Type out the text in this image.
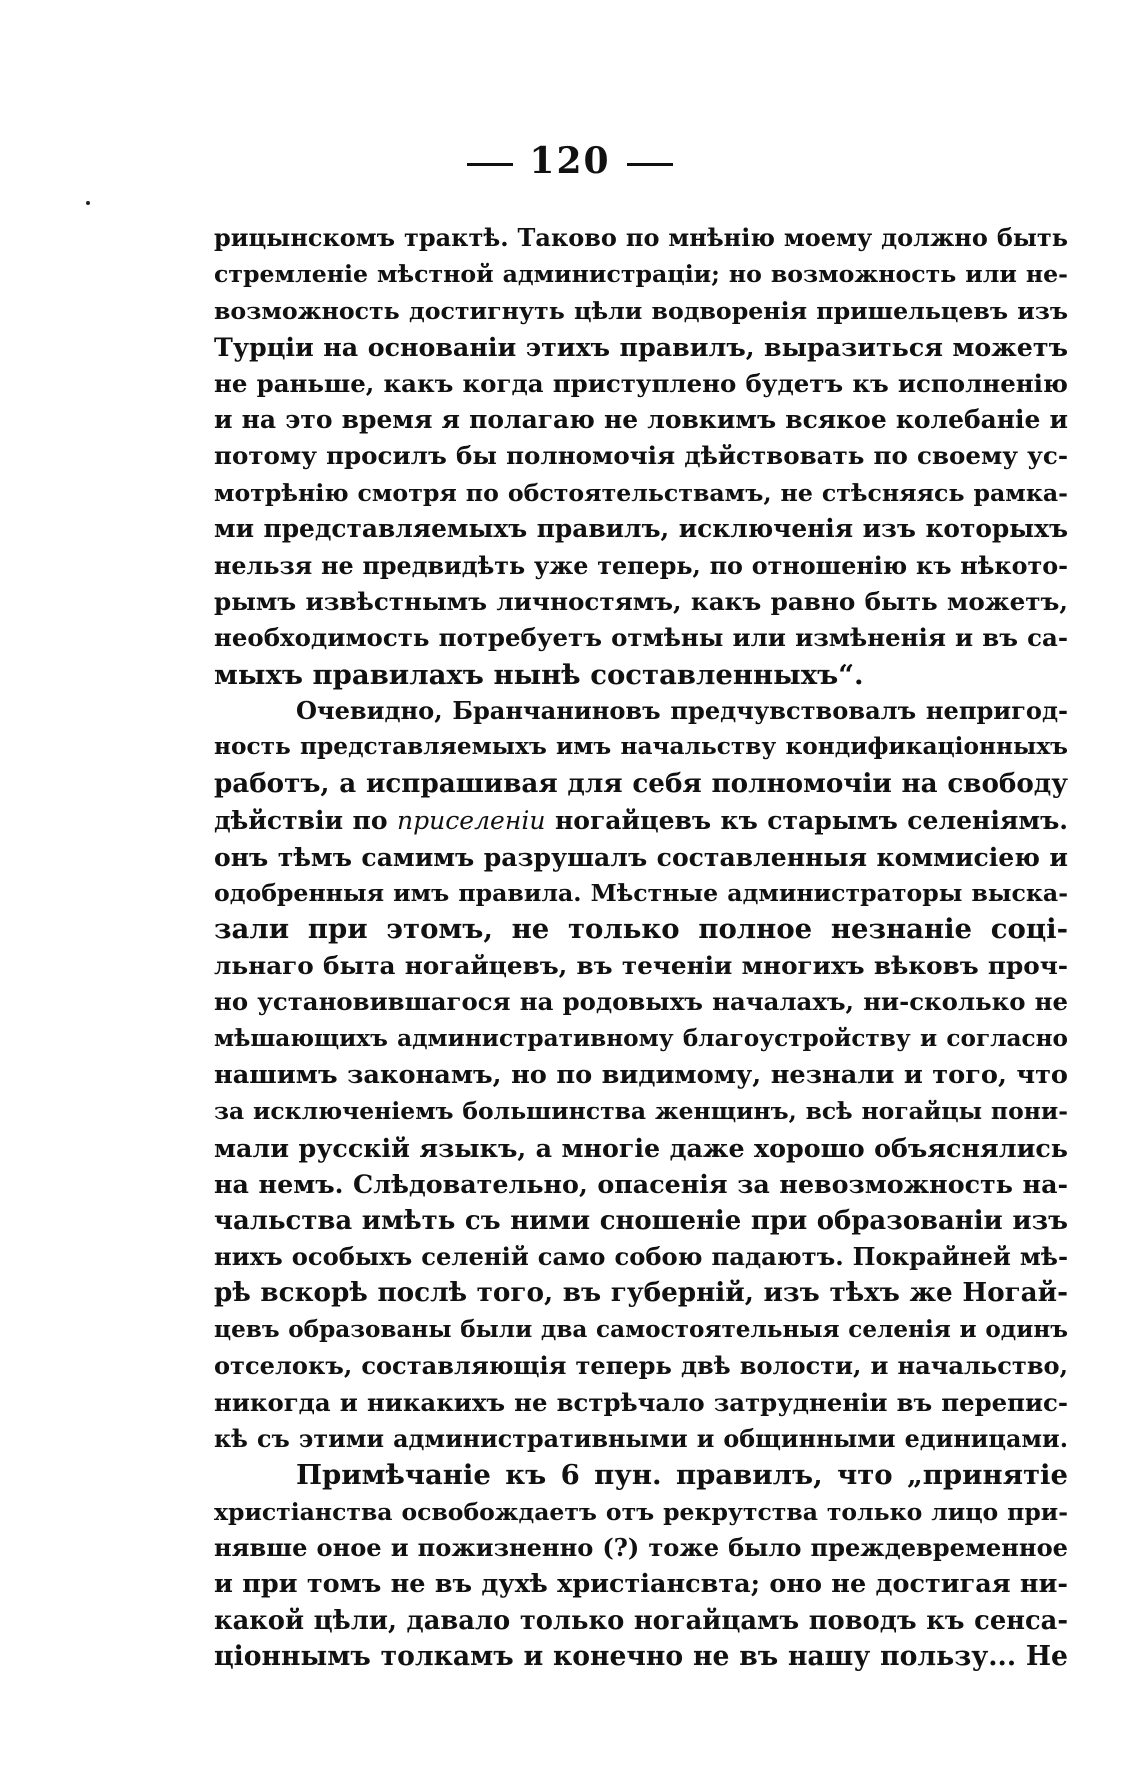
120
рицынскомъ трактѣ. Таково по мнѣнію моему должно быть
стремленіе мѣстной администраціи; но возможность или не-
возможность достигнуть цѣли водворенія пришельцевъ изъ
Турціи на основаніи этихъ правилъ, выразиться можетъ
не раньше, какъ когда приступлено будетъ къ исполненію
и на это время я полагаю не ловкимъ всякое колебаніе и
потому просилъ бы полномочія дѣйствовать по своему ус-
мотрѣнію смотря по обстоятельствамъ, не стѣсняясь рамка-
ми представляемыхъ правилъ, исключенія изъ которыхъ
нельзя не предвидѣть уже теперь, по отношенію къ нѣкото-
рымъ извѣстнымъ личностямъ, какъ равно быть можетъ,
необходимость потребуетъ отмѣны или измѣненія и въ са-
мыхъ правилахъ нынѣ составленныхъ“.
Очевидно, Бранчаниновъ предчувствовалъ непригод-
ность представляемыхъ имъ начальству кондификаціонныхъ
работъ, а испрашивая для себя полномочіи на свободу
дѣйствіи по приселеніи ногайцевъ къ старымъ селеніямъ.
онъ тѣмъ самимъ разрушалъ составленныя коммисіею и
одобренныя имъ правила. Мѣстные администраторы выска-
зали при этомъ, не только полное незнаніе соці-
льнаго быта ногайцевъ, въ теченіи многихъ вѣковъ проч-
но установившагося на родовыхъ началахъ, ни-сколько не
мѣшающихъ административному благоустройству и согласно
нашимъ законамъ, но по видимому, незнали и того, что
за исключеніемъ большинства женщинъ, всѣ ногайцы пони-
мали русскій языкъ, а многіе даже хорошо объяснялись
на немъ. Слѣдовательно, опасенія за невозможность на-
чальства имѣть съ ними сношеніе при образованіи изъ
нихъ особыхъ селеній само собою падаютъ. Покрайней мѣ-
рѣ вскорѣ послѣ того, въ губерній, изъ тѣхъ же Ногай-
цевъ образованы были два самостоятельныя селенія и одинъ
отселокъ, составляющія теперь двѣ волости, и начальство,
никогда и никакихъ не встрѣчало затрудненіи въ перепис-
кѣ съ этими административными и общинными единицами.
Примѣчаніе къ 6 пун. правилъ, что „принятіе
христіанства освобождаетъ отъ рекрутства только лицо при-
нявше оное и пожизненно (?) тоже было преждевременное
и при томъ не въ духѣ христіансвта; оно не достигая ни-
какой цѣли, давало только ногайцамъ поводъ къ сенса-
ціоннымъ толкамъ и конечно не въ нашу пользу... Не
